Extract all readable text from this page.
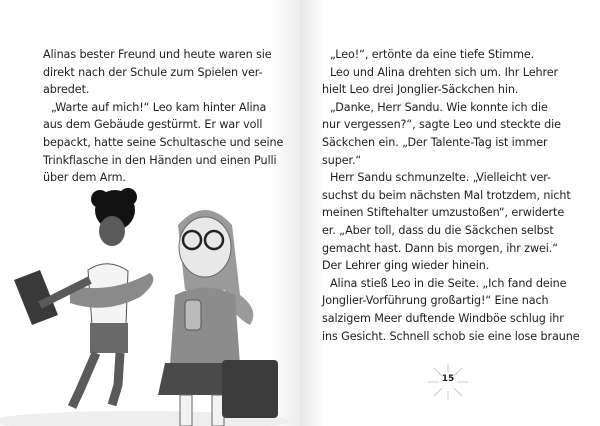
Alinas bester Freund und heute waren sie
direkt nach der Schule zum Spielen ver-
abredet.
„Warte auf mich!“ Leo kam hinter Alina
aus dem Gebäude gestürmt. Er war voll
bepackt, hatte seine Schultasche und seine
Trinkflasche in den Händen und einen Pulli
über dem Arm.
„Leo!“, ertönte da eine tiefe Stimme.
Leo und Alina drehten sich um. Ihr Lehrer
hielt Leo drei Jonglier-Säckchen hin.
„Danke, Herr Sandu. Wie konnte ich die
nur vergessen?“, sagte Leo und steckte die
Säckchen ein. „Der Talente-Tag ist immer
super.“
Herr Sandu schmunzelte. „Vielleicht ver-
suchst du beim nächsten Mal trotzdem, nicht
meinen Stiftehalter umzustoßen“, erwiderte
er. „Aber toll, dass du die Säckchen selbst
gemacht hast. Dann bis morgen, ihr zwei.“
Der Lehrer ging wieder hinein.
Alina stieß Leo in die Seite. „Ich fand deine
Jonglier-Vorführung großartig!“ Eine nach
salzigem Meer duftende Windböe schlug ihr
ins Gesicht. Schnell schob sie eine lose braune
15
